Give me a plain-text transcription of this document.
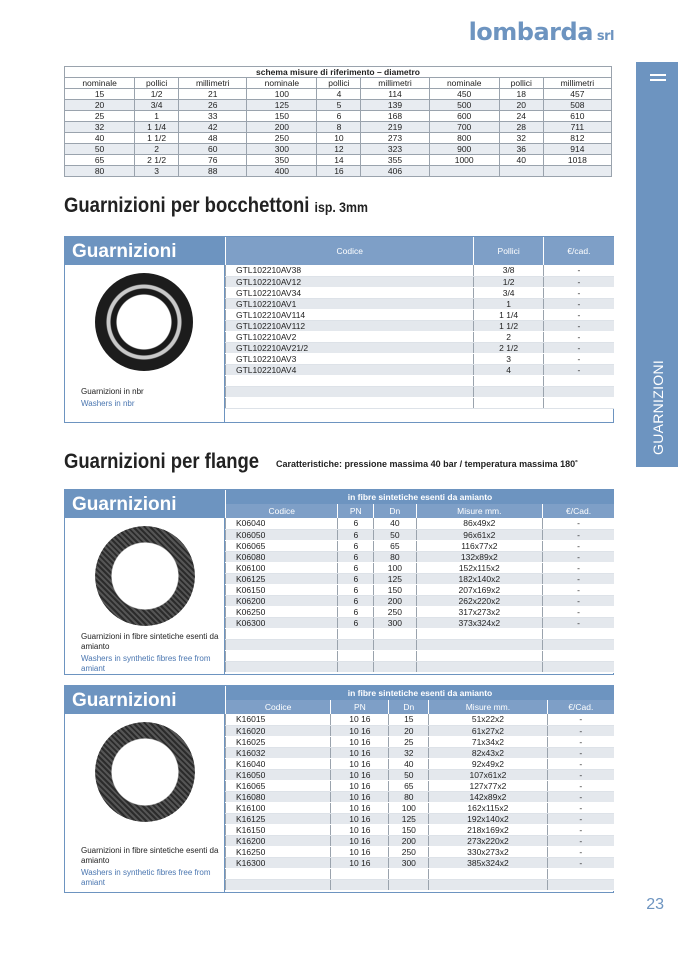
lombarda srl
GUARNIZIONI
schema misure di riferimento – diametro								
nominale	pollici	millimetri	nominale	pollici	millimetri	nominale	pollici	millimetri
15	1/2	21	100	4	114	450	18	457
20	3/4	26	125	5	139	500	20	508
25	1	33	150	6	168	600	24	610
32	1 1/4	42	200	8	219	700	28	711
40	1 1/2	48	250	10	273	800	32	812
50	2	60	300	12	323	900	36	914
65	2 1/2	76	350	14	355	1000	40	1018
80	3	88	400	16	406			
Guarnizioni per bocchettoni isp. 3mm
Guarnizioni
Guarnizioni in nbr
Washers in nbr
Codice	Pollici	€/cad.
GTL102210AV38	3/8	-
GTL102210AV12	1/2	-
GTL102210AV34	3/4	-
GTL102210AV1	1	-
GTL102210AV114	1 1/4	-
GTL102210AV112	1 1/2	-
GTL102210AV2	2	-
GTL102210AV21/2	2 1/2	-
GTL102210AV3	3	-
GTL102210AV4	4	-

Guarnizioni per flange Caratteristiche: pressione massima 40 bar / temperatura massima 180˚
Guarnizioni
Guarnizioni in fibre sintetiche esenti da amianto
Washers in synthetic fibres free from amiant
in fibre sintetiche esenti da amianto				
Codice	PN	Dn	Misure mm.	€/Cad.
K06040	6	40	86x49x2	-
K06050	6	50	96x61x2	-
K06065	6	65	116x77x2	-
K06080	6	80	132x89x2	-
K06100	6	100	152x115x2	-
K06125	6	125	182x140x2	-
K06150	6	150	207x169x2	-
K06200	6	200	262x220x2	-
K06250	6	250	317x273x2	-
K06300	6	300	373x324x2	-

Guarnizioni
Guarnizioni in fibre sintetiche esenti da amianto
Washers in synthetic fibres free from amiant
in fibre sintetiche esenti da amianto				
Codice	PN	Dn	Misure mm.	€/Cad.
K16015	10 16	15	51x22x2	-
K16020	10 16	20	61x27x2	-
K16025	10 16	25	71x34x2	-
K16032	10 16	32	82x43x2	-
K16040	10 16	40	92x49x2	-
K16050	10 16	50	107x61x2	-
K16065	10 16	65	127x77x2	-
K16080	10 16	80	142x89x2	-
K16100	10 16	100	162x115x2	-
K16125	10 16	125	192x140x2	-
K16150	10 16	150	218x169x2	-
K16200	10 16	200	273x220x2	-
K16250	10 16	250	330x273x2	-
K16300	10 16	300	385x324x2	-

23
